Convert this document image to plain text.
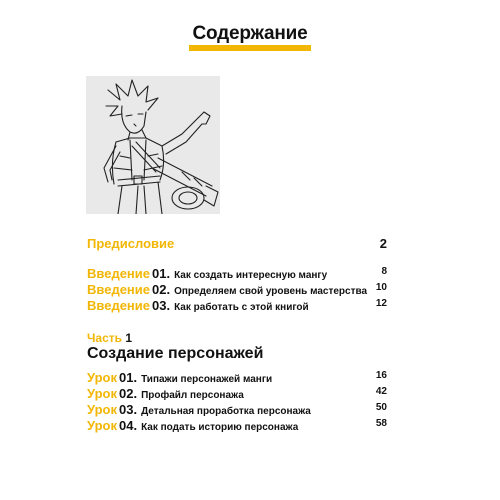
Содержание
Предисловие	2
Введение 01. Как создать интересную мангу	8
Введение 02. Определяем свой уровень мастерства 10
Введение 03. Как работать с этой книгой	12
Часть 1
Создание персонажей
Урок 01. Типажи персонажей манги	16
Урок 02. Профайл персонажа	42
Урок 03. Детальная проработка персонажа	50
Урок 04. Как подать историю персонажа	58
